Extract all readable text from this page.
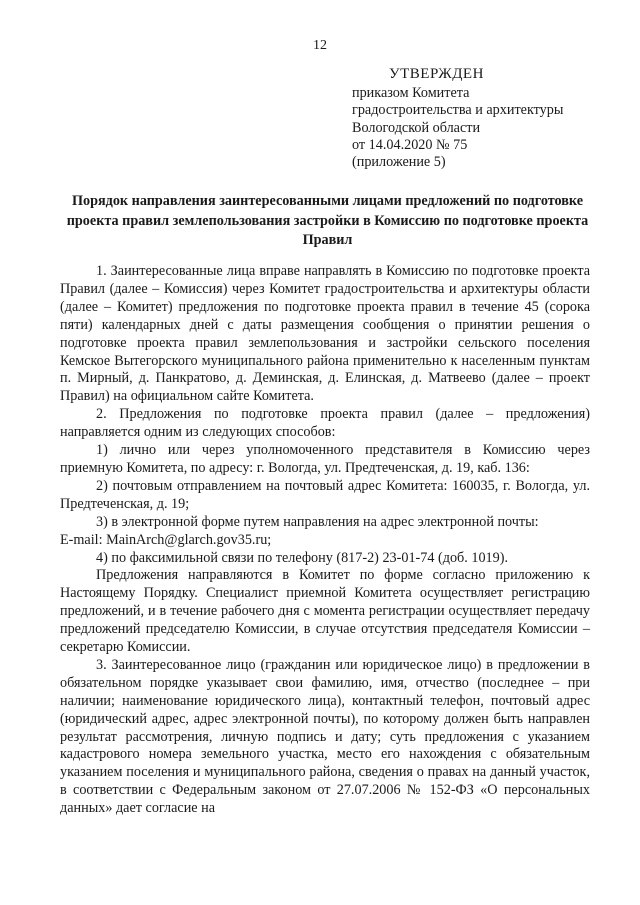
12
УТВЕРЖДЕН
приказом Комитета
градостроительства и архитектуры
Вологодской области
от 14.04.2020 № 75
(приложение 5)
Порядок направления заинтересованными лицами предложений по подготовке проекта правил землепользования застройки в Комиссию по подготовке проекта Правил

1. Заинтересованные лица вправе направлять в Комиссию по подготовке проекта Правил (далее – Комиссия) через Комитет градостроительства и архитектуры области (далее – Комитет) предложения по подготовке проекта правил в течение 45 (сорока пяти) календарных дней с даты размещения сообщения о принятии решения о подготовке проекта правил землепользования и застройки сельского поселения Кемское Вытегорского муниципального района применительно к населенным пунктам п. Мирный, д. Панкратово, д. Деминская, д. Елинская, д. Матвеево (далее – проект Правил) на официальном сайте Комитета.

2. Предложения по подготовке проекта правил (далее – предложения) направляется одним из следующих способов:

1) лично или через уполномоченного представителя в Комиссию через приемную Комитета, по адресу: г. Вологда, ул. Предтеченская, д. 19, каб. 136:

2) почтовым отправлением на почтовый адрес Комитета: 160035, г. Вологда, ул. Предтеченская, д. 19;

3) в электронной форме путем направления на адрес электронной почты:

E-mail: MainArch@glarch.gov35.ru;

4) по факсимильной связи по телефону (817-2) 23-01-74 (доб. 1019).

Предложения направляются в Комитет по форме согласно приложению к Настоящему Порядку. Специалист приемной Комитета осуществляет регистрацию предложений, и в течение рабочего дня с момента регистрации осуществляет передачу предложений председателю Комиссии, в случае отсутствия председателя Комиссии – секретарю Комиссии.

3. Заинтересованное лицо (гражданин или юридическое лицо) в предложении в обязательном порядке указывает свои фамилию, имя, отчество (последнее – при наличии; наименование юридического лица), контактный телефон, почтовый адрес (юридический адрес, адрес электронной почты), по которому должен быть направлен результат рассмотрения, личную подпись и дату; суть предложения с указанием кадастрового номера земельного участка, место его нахождения с обязательным указанием поселения и муниципального района, сведения о правах на данный участок, в соответствии с Федеральным законом от 27.07.2006 № 152-ФЗ «О персональных данных» дает согласие на
